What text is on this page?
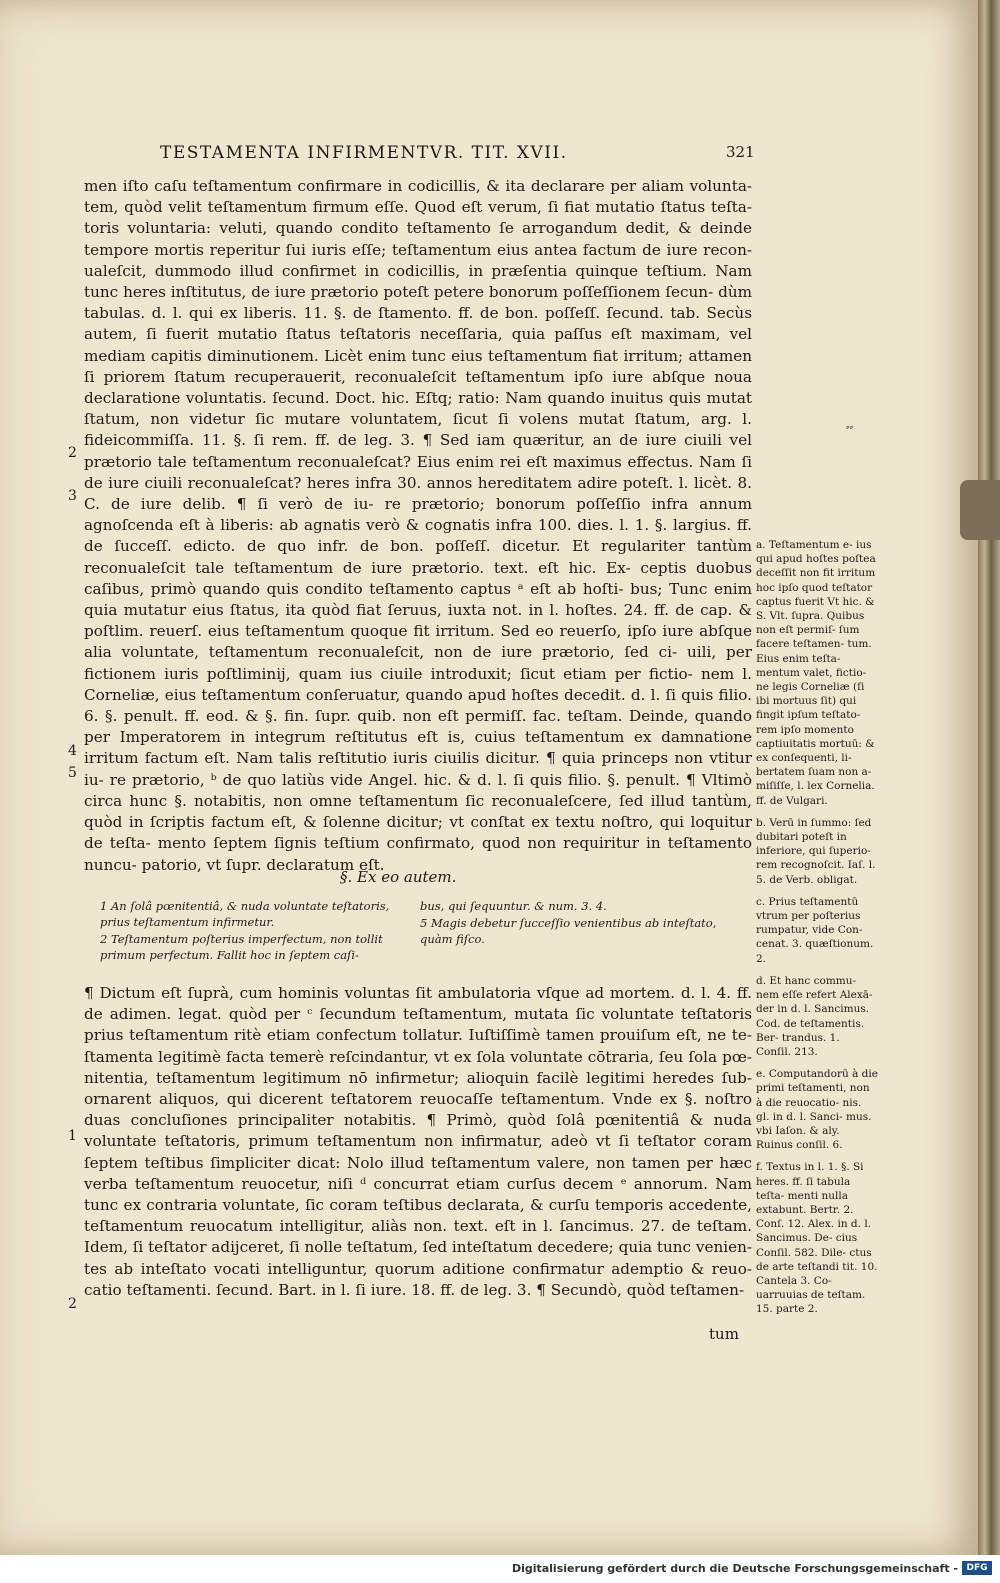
TESTAMENTA INFIRMENTVR. TIT. XVII.	321

men iſto caſu teſtamentum confirmare in codicillis, & ita declarare per aliam volunta- tem, quòd velit teſtamentum firmum eſſe. Quod eſt verum, ſi fiat mutatio ſtatus teſta- toris voluntaria: veluti, quando condito teſtamento ſe arrogandum dedit, & deinde tempore mortis reperitur ſui iuris eſſe; teſtamentum eius antea factum de iure recon- ualeſcit, dummodo illud confirmet in codicillis, in præſentia quinque teſtium. Nam tunc heres inſtitutus, de iure prætorio poteſt petere bonorum poſſeſſionem ſecun- dùm tabulas. d. l. qui ex liberis. 11. §. de ſtamento. ff. de bon. poſſeſſ. ſecund. tab. Secùs autem, ſi fuerit mutatio ſtatus teſtatoris neceſſaria, quia paſſus eſt maximam, vel mediam capitis diminutionem. Licèt enim tunc eius teſtamentum fiat irritum; attamen ſi priorem ſtatum recuperauerit, reconualeſcit teſtamentum ipſo iure abſque noua declaratione voluntatis. ſecund. Doct. hic. Eſtq; ratio: Nam quando inuitus quis mutat ſtatum, non videtur ſic mutare voluntatem, ſicut ſi volens mutat ſtatum, arg. l. fideicommiſſa. 11. §. ſi rem. ff. de leg. 3. ¶ Sed iam quæritur, an de iure ciuili vel prætorio tale teſtamentum reconualeſcat? Eius enim rei eſt maximus effectus. Nam ſi de iure ciuili reconualeſcat? heres infra 30. annos hereditatem adire poteſt. l. licèt. 8. C. de iure delib. ¶ ſi verò de iu- re prætorio; bonorum poſſeſſio infra annum agnoſcenda eſt à liberis: ab agnatis verò & cognatis infra 100. dies. l. 1. §. largius. ff. de ſucceſſ. edicto. de quo infr. de bon. poſſeſſ. dicetur. Et regulariter tantùm reconualeſcit tale teſtamentum de iure prætorio. text. eſt hic. Ex- ceptis duobus caſibus, primò quando quis condito teſtamento captus ᵃ eſt ab hoſti- bus; Tunc enim quia mutatur eius ſtatus, ita quòd fiat ſeruus, iuxta not. in l. hoſtes. 24. ff. de cap. & poſtlim. reuerſ. eius teſtamentum quoque fit irritum. Sed eo reuerſo, ipſo iure abſque alia voluntate, teſtamentum reconualeſcit, non de iure prætorio, ſed ci- uili, per fictionem iuris poſtliminij, quam ius ciuile introduxit; ſicut etiam per fictio- nem l. Corneliæ, eius teſtamentum conſeruatur, quando apud hoſtes decedit. d. l. ſi quis filio. 6. §. penult. ff. eod. & §. fin. ſupr. quib. non eſt permiſſ. fac. teſtam. Deinde, quando per Imperatorem in integrum reſtitutus eſt is, cuius teſtamentum ex damnatione irritum factum eſt. Nam talis reſtitutio iuris ciuilis dicitur. ¶ quia princeps non vtitur iu- re prætorio, ᵇ de quo latiùs vide Angel. hic. & d. l. ſi quis filio. §. penult. ¶ Vltimò circa hunc §. notabitis, non omne teſtamentum ſic reconualeſcere, ſed illud tantùm, quòd in ſcriptis factum eſt, & ſolenne dicitur; vt conſtat ex textu noſtro, qui loquitur de teſta- mento ſeptem ſignis teſtium confirmato, quod non requiritur in teſtamento nuncu- patorio, vt ſupr. declaratum eſt.

⸗⸗
2
3
4
5
1
2
§. Ex eo autem.
1 An ſolâ pœnitentiâ, & nuda voluntate teſtatoris, prius teſtamentum infirmetur.
2 Teſtamentum poſterius imperfectum, non tollit primum perfectum. Fallit hoc in ſeptem caſi-
bus, qui ſequuntur. & num. 3. 4.
5 Magis debetur ſucceſſio venientibus ab inteſtato, quàm fiſco.

¶ Dictum eſt ſuprà, cum hominis voluntas ſit ambulatoria vſque ad mortem. d. l. 4. ff. de adimen. legat. quòd per ᶜ ſecundum teſtamentum, mutata ſic voluntate teſtatoris prius teſtamentum ritè etiam confectum tollatur. Iuſtiſſimè tamen prouiſum eſt, ne te- ſtamenta legitimè facta temerè reſcindantur, vt ex ſola voluntate cōtraria, ſeu ſola pœ- nitentia, teſtamentum legitimum nō infirmetur; alioquin facilè legitimi heredes ſub- ornarent aliquos, qui dicerent teſtatorem reuocaſſe teſtamentum. Vnde ex §. noſtro duas concluſiones principaliter notabitis. ¶ Primò, quòd ſolâ pœnitentiâ & nuda voluntate teſtatoris, primum teſtamentum non infirmatur, adeò vt ſi teſtator coram ſeptem teſtibus ſimpliciter dicat: Nolo illud teſtamentum valere, non tamen per hæc verba teſtamentum reuocetur, niſi ᵈ concurrat etiam curſus decem ᵉ annorum. Nam tunc ex contraria voluntate, ſic coram teſtibus declarata, & curſu temporis accedente, teſtamentum reuocatum intelligitur, aliàs non. text. eſt in l. ſancimus. 27. de teſtam. Idem, ſi teſtator adijceret, ſi nolle teſtatum, ſed inteſtatum decedere; quia tunc venien- tes ab inteſtato vocati intelliguntur, quorum aditione confirmatur ademptio & reuo- catio teſtamenti. ſecund. Bart. in l. ſi iure. 18. ff. de leg. 3. ¶ Secundò, quòd teſtamen-

tum
a. Teſtamentum e- ius qui apud hoſtes poſtea deceſſit non fit irritum hoc ipſo quod teſtator captus fuerit Vt hic. & S. Vlt. ſupra. Quibus non eſt permiſ- ſum facere teſtamen- tum. Eius enim teſta- mentum valet, fictio- ne legis Corneliæ (ſi ibi mortuus ſit) qui fingit ipſum teſtato- rem ipſo momento captiuitatis mortuū: & ex conſequenti, li- bertatem ſuam non a- miſiſſe, l. lex Cornelia. ff. de Vulgari.
b. Verū in ſummo: ſed dubitari poteſt in inferiore, qui ſuperio- rem recognoſcit. Iaſ. l. 5. de Verb. obligat.
c. Prius teſtamentū vtrum per poſterius rumpatur, vide Con- cenat. 3. quæſtionum. 2.
d. Et hanc commu- nem eſſe refert Alexā- der in d. l. Sancimus. Cod. de teſtamentis. Ber- trandus. 1. Conſil. 213.
e. Computandorū à die primi teſtamenti, non à die reuocatio- nis. gl. in d. l. Sanci- mus. vbi Iaſon. & aly. Ruinus conſil. 6.
f. Textus in l. 1. §. Si heres. ff. ſi tabula teſta- menti nulla extabunt. Bertr. 2. Conſ. 12. Alex. in d. l. Sancimus. De- cius Conſil. 582. Dile- ctus de arte teſtandi tit. 10. Cantela 3. Co- uarruuias de teſtam. 15. parte 2.
Digitalisierung gefördert durch die Deutsche Forschungsgemeinschaft - DFG
